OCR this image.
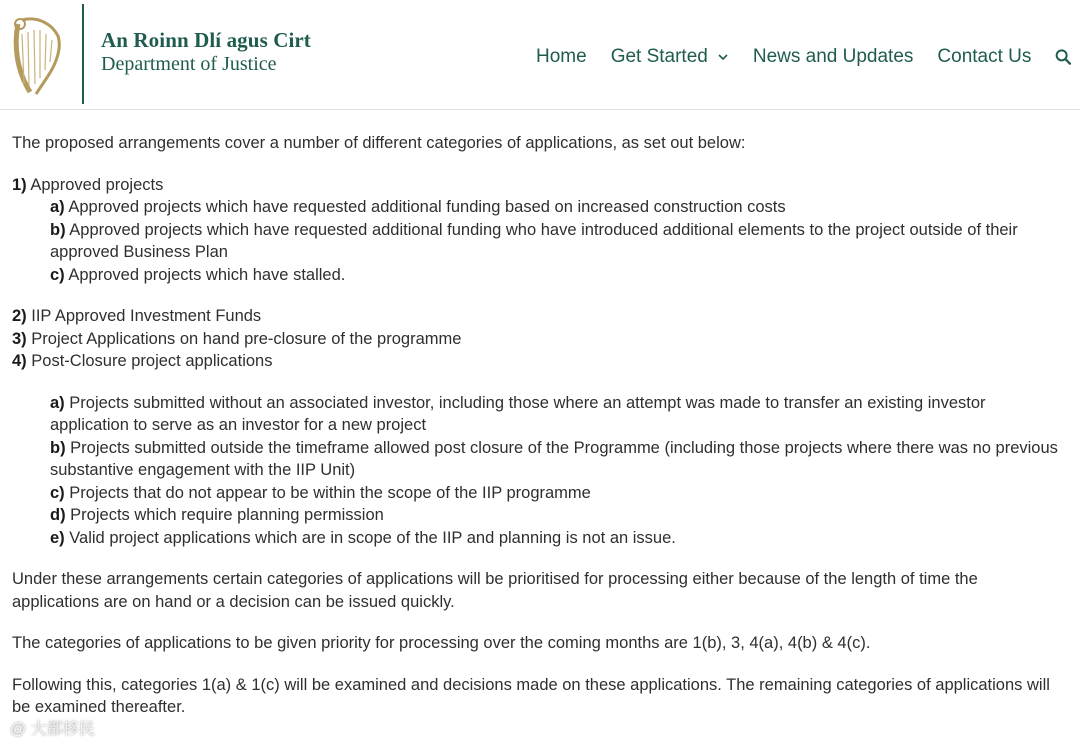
An Roinn Dlí agus Cirt
Department of Justice	Home Get Started News and Updates Contact Us

The proposed arrangements cover a number of different categories of applications, as set out below:

1) Approved projects

a) Approved projects which have requested additional funding based on increased construction costs

b) Approved projects which have requested additional funding who have introduced additional elements to the project outside of their approved Business Plan

c) Approved projects which have stalled.

2) IIP Approved Investment Funds

3) Project Applications on hand pre-closure of the programme

4) Post-Closure project applications

a) Projects submitted without an associated investor, including those where an attempt was made to transfer an existing investor application to serve as an investor for a new project

b) Projects submitted outside the timeframe allowed post closure of the Programme (including those projects where there was no previous substantive engagement with the IIP Unit)

c) Projects that do not appear to be within the scope of the IIP programme

d) Projects which require planning permission

e) Valid project applications which are in scope of the IIP and planning is not an issue.

Under these arrangements certain categories of applications will be prioritised for processing either because of the length of time the applications are on hand or a decision can be issued quickly.

The categories of applications to be given priority for processing over the coming months are 1(b), 3, 4(a), 4(b) & 4(c).

Following this, categories 1(a) & 1(c) will be examined and decisions made on these applications. The remaining categories of applications will be examined thereafter.

@ 大都移民
